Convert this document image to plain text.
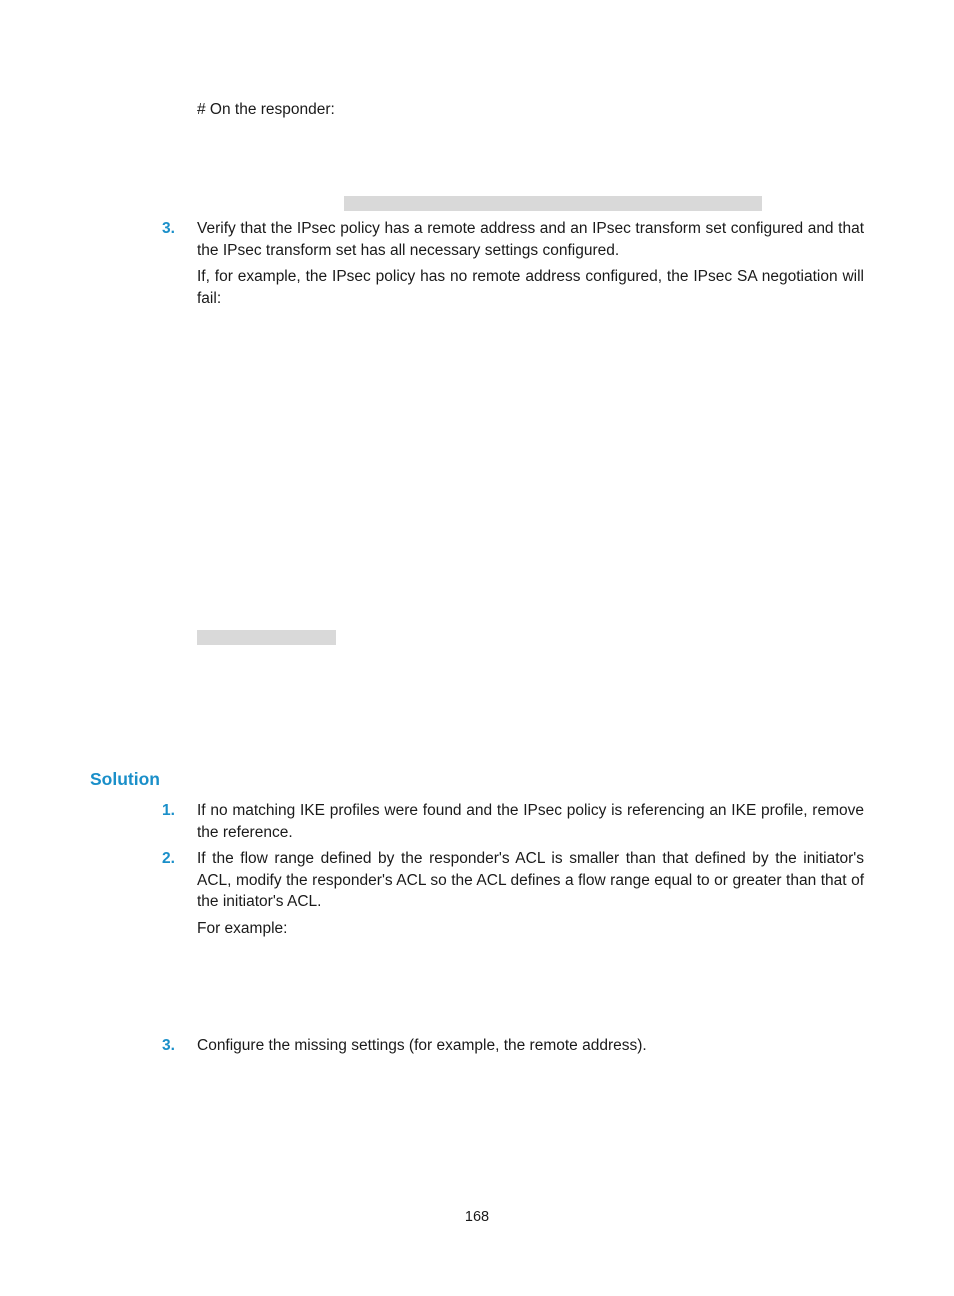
# On the responder:
3. Verify that the IPsec policy has a remote address and an IPsec transform set configured and that the IPsec transform set has all necessary settings configured.
If, for example, the IPsec policy has no remote address configured, the IPsec SA negotiation will fail:
Solution
1. If no matching IKE profiles were found and the IPsec policy is referencing an IKE profile, remove the reference.
2. If the flow range defined by the responder's ACL is smaller than that defined by the initiator's ACL, modify the responder's ACL so the ACL defines a flow range equal to or greater than that of the initiator's ACL.
For example:
3. Configure the missing settings (for example, the remote address).
168
